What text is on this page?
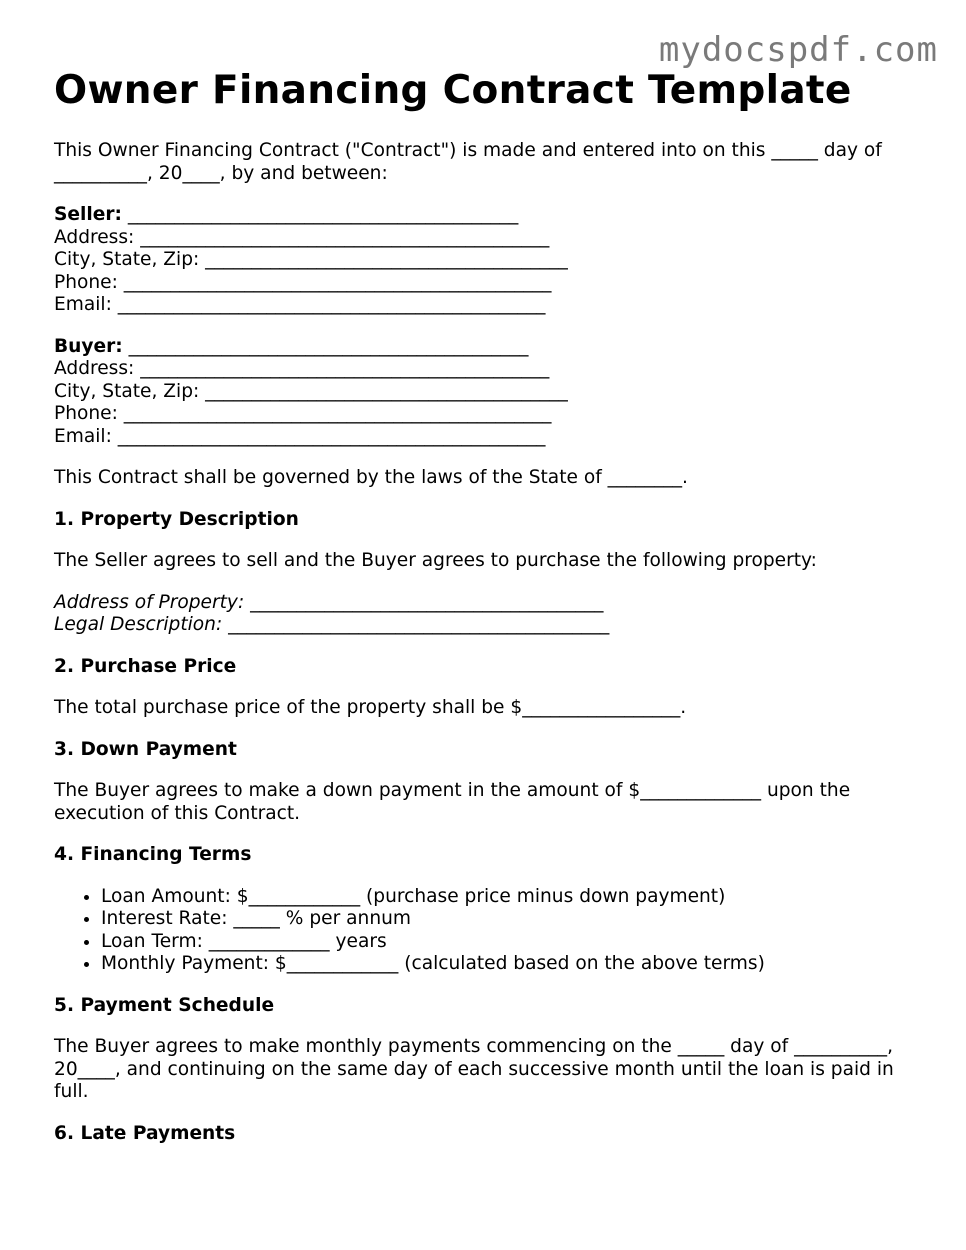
mydocspdf.com
Owner Financing Contract Template

This Owner Financing Contract ("Contract") is made and entered into on this _____ day of __________, 20____, by and between:

Seller: __________________________________________
Address: ____________________________________________
City, State, Zip: _______________________________________
Phone: ______________________________________________
Email: ______________________________________________
Buyer: ___________________________________________
Address: ____________________________________________
City, State, Zip: _______________________________________
Phone: ______________________________________________
Email: ______________________________________________

This Contract shall be governed by the laws of the State of ________.

1. Property Description

The Seller agrees to sell and the Buyer agrees to purchase the following property:

Address of Property: ______________________________________
Legal Description: _________________________________________
2. Purchase Price

The total purchase price of the property shall be $_________________.

3. Down Payment

The Buyer agrees to make a down payment in the amount of $_____________ upon the execution of this Contract.

4. Financing Terms
• Loan Amount: $____________ (purchase price minus down payment)
• Interest Rate: _____ % per annum
• Loan Term: _____________ years
• Monthly Payment: $____________ (calculated based on the above terms)
5. Payment Schedule

The Buyer agrees to make monthly payments commencing on the _____ day of __________, 20____, and continuing on the same day of each successive month until the loan is paid in full.

6. Late Payments
